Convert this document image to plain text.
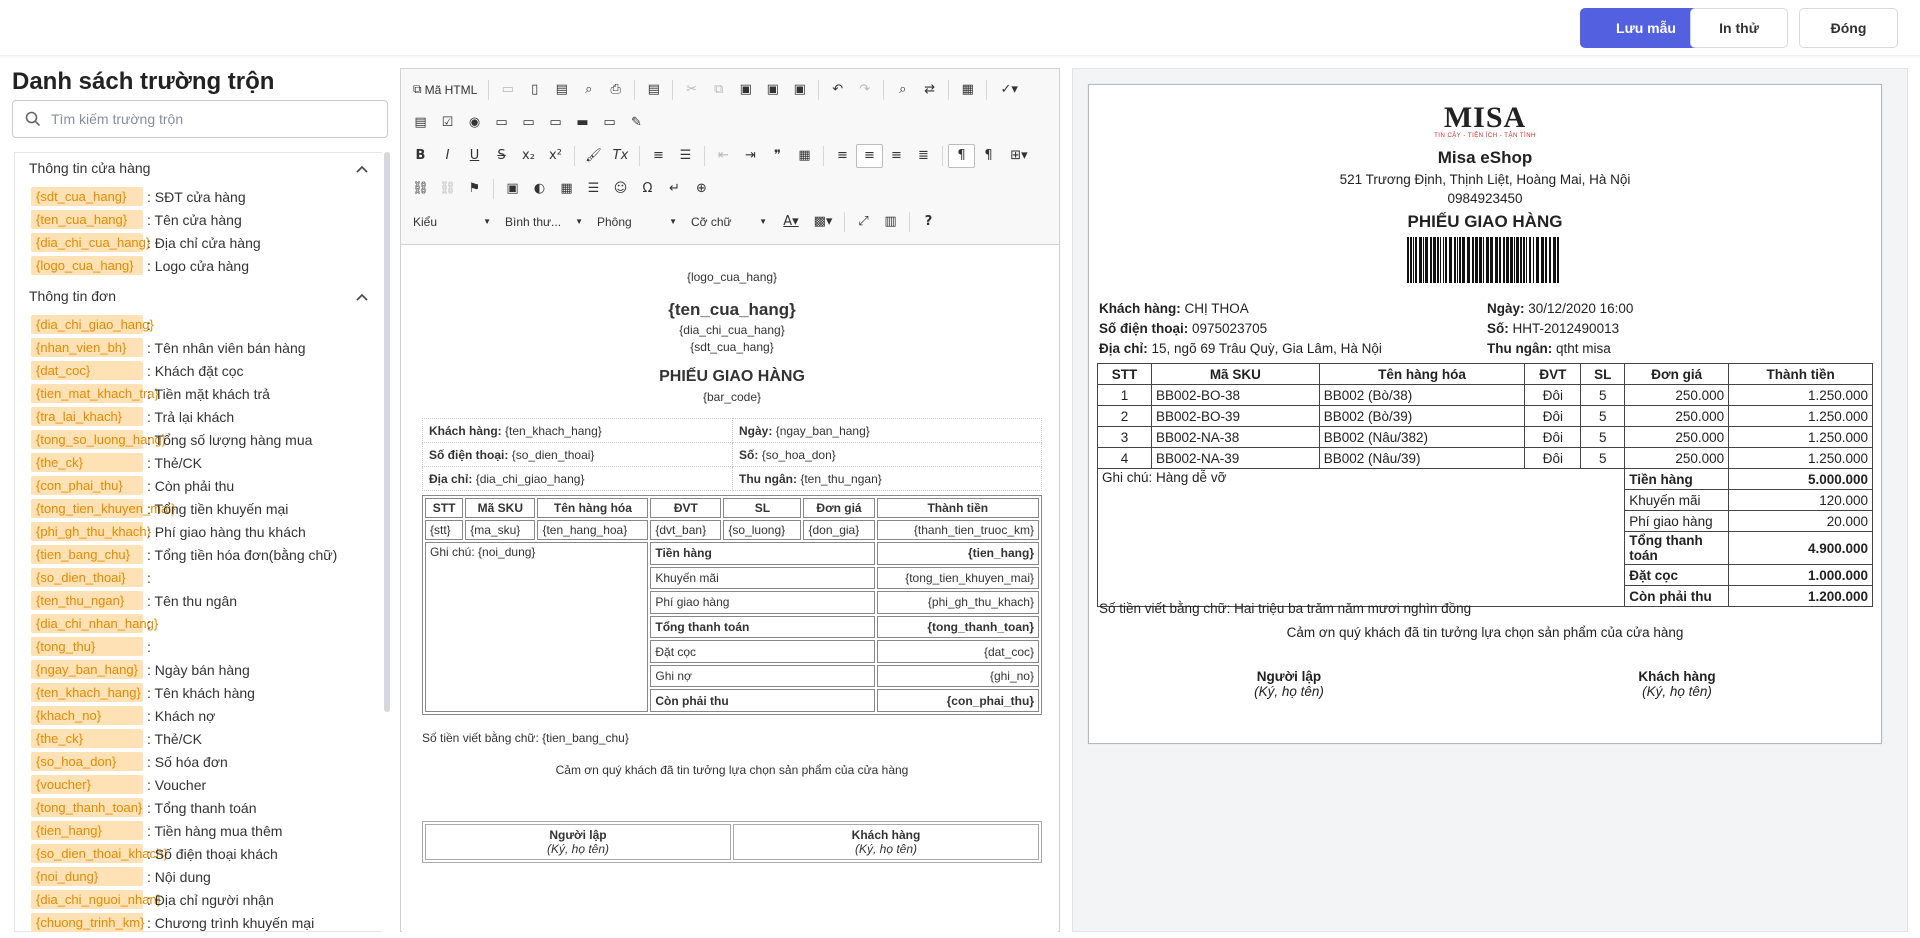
Lưu mẫu	In thử	Đóng
Danh sách trường trộn
Tìm kiếm trường trộn
Thông tin cửa hàng
{sdt_cua_hang}	: SĐT cửa hàng
{ten_cua_hang}	: Tên cửa hàng
{dia_chi_cua_hang} : Địa chỉ cửa hàng
{logo_cua_hang}	: Logo cửa hàng
Thông tin đơn
{dia_chi_giao_hang}
:
{nhan_vien_bh}	: Tên nhân viên bán hàng
{dat_coc}	: Khách đặt cọc
{tien_mat_khach_tra}
: Tiền mặt khách trả
{tra_lai_khach}	: Trả lại khách
{tong_so_luong_hang}
: Tổng số lượng hàng mua
{the_ck}	: Thẻ/CK
{con_phai_thu}	: Còn phải thu
{tong_tien_khuyen_mai}
: Tổng tiền khuyến mại
{phi_gh_thu_khach} : Phí giao hàng thu khách
{tien_bang_chu}	: Tổng tiền hóa đơn(bằng chữ)
{so_dien_thoai}
:
{ten_thu_ngan}	: Tên thu ngân
{dia_chi_nhan_hang}
:
{tong_thu}
:
{ngay_ban_hang}	: Ngày bán hàng
{ten_khach_hang} : Tên khách hàng
{khach_no}	: Khách nợ
{the_ck}	: Thẻ/CK
{so_hoa_don}	: Số hóa đơn
{voucher}	: Voucher
{tong_thanh_toan} : Tổng thanh toán
{tien_hang}	: Tiền hàng mua thêm
{so_dien_thoai_khach}
: Số điện thoại khách
{noi_dung}	: Nội dung
{dia_chi_nguoi_nhan}
: Địa chỉ người nhận
{chuong_trinh_km} : Chương trình khuyến mại
⧉ Mã HTML	▭	▯	▤	⌕	⎙	▤	✂	⧉	▣	▣	▣	↶	↷	⌕	⇄	▦	✓▾
▤	☑	◉	▭	▭	▭	▬	▭	✎
B	I	U	S	x₂	x²	🖌 Tx	≡	☰	⇤	⇥	❞	▦	≡	≡	≡	≣	¶	¶	⊞▾
⛓ ⛓ ⚑	▣	◐	▦	☰	☺	Ω	↵	⊕
Kiểu	▼ Bình thư... ▼ Phông	▼ Cỡ chữ	▼	A▾	▩▾	⤢	▥	?
{logo_cua_hang}
{ten_cua_hang}
{dia_chi_cua_hang}
{sdt_cua_hang}
PHIẾU GIAO HÀNG
{bar_code}
Khách hàng: {ten_khach_hang}	Ngày: {ngay_ban_hang}
Số điện thoại: {so_dien_thoai}	Số: {so_hoa_don}
Địa chỉ: {dia_chi_giao_hang}	Thu ngân: {ten_thu_ngan}
STT	Mã SKU	Tên hàng hóa	ĐVT	SL	Đơn giá	Thành tiền
{stt}	{ma_sku}	{ten_hang_hoa}	{dvt_ban}	{so_luong}	{don_gia}	{thanh_tien_truoc_km}
Ghi chú: {noi_dung}			Tiền hàng			{tien_hang}
			Khuyến mãi			{tong_tien_khuyen_mai}
			Phí giao hàng			{phi_gh_thu_khach}
			Tổng thanh toán			{tong_thanh_toan}
			Đặt cọc			{dat_coc}
			Ghi nợ			{ghi_no}
			Còn phải thu			{con_phai_thu}
Số tiền viết bằng chữ: {tien_bang_chu}
Cảm ơn quý khách đã tin tưởng lựa chọn sản phẩm của cửa hàng
Người lập
(Ký, họ tên)	Khách hàng
(Ký, họ tên)
MISA
TIN CẬY - TIỆN ÍCH - TẬN TÌNH
Misa eShop
521 Trương Định, Thịnh Liệt, Hoàng Mai, Hà Nội
0984923450
PHIẾU GIAO HÀNG
Khách hàng: CHỊ THOA
Số điện thoại: 0975023705
Địa chỉ: 15, ngõ 69 Trâu Quỳ, Gia Lâm, Hà Nội
Ngày: 30/12/2020 16:00
Số: HHT-2012490013
Thu ngân: qtht misa
STT	Mã SKU	Tên hàng hóa	ĐVT	SL	Đơn giá	Thành tiền
1	BB002-BO-38	BB002 (Bò/38)	Đôi	5	250.000	1.250.000
2	BB002-BO-39	BB002 (Bò/39)	Đôi	5	250.000	1.250.000
3	BB002-NA-38	BB002 (Nâu/382)	Đôi	5	250.000	1.250.000
4	BB002-NA-39	BB002 (Nâu/39)	Đôi	5	250.000	1.250.000
Ghi chú: Hàng dễ vỡ					Tiền hàng	5.000.000
					Khuyến mãi	120.000
					Phí giao hàng	20.000
					Tổng thanh toán	4.900.000
					Đặt cọc	1.000.000
					Còn phải thu	1.200.000
Số tiền viết bằng chữ: Hai triệu ba trăm năm mươi nghìn đồng
Cảm ơn quý khách đã tin tưởng lựa chọn sản phẩm của cửa hàng
Người lập
(Ký, họ tên)
Khách hàng
(Ký, họ tên)
